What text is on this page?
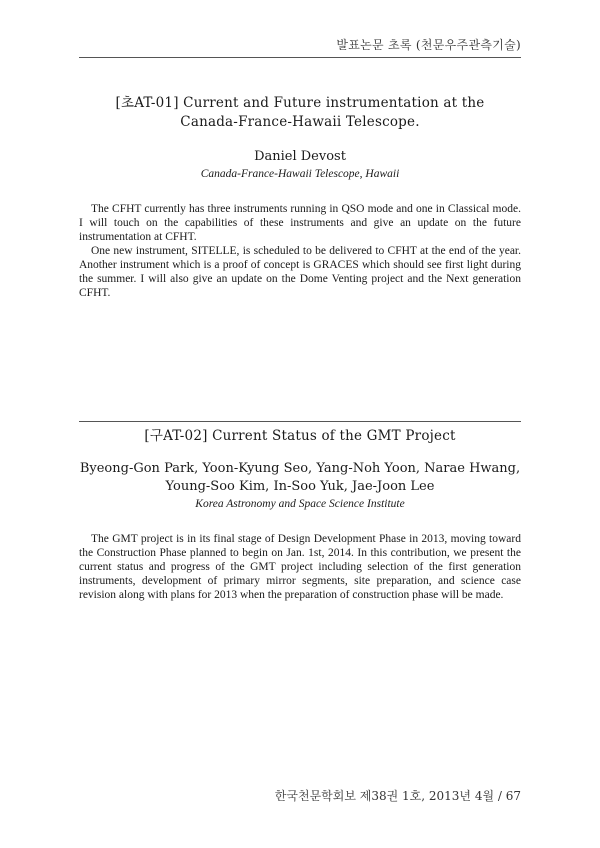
발표논문 초록 (천문우주관측기술)
[초AT-01] Current and Future instrumentation at the
Canada-France-Hawaii Telescope.
Daniel Devost
Canada-France-Hawaii Telescope, Hawaii

The CFHT currently has three instruments running in QSO mode and one in Classical mode. I will touch on the capabilities of these instruments and give an update on the future instrumentation at CFHT.

One new instrument, SITELLE, is scheduled to be delivered to CFHT at the end of the year. Another instrument which is a proof of concept is GRACES which should see first light during the summer. I will also give an update on the Dome Venting project and the Next generation CFHT.

[구AT-02] Current Status of the GMT Project
Byeong-Gon Park, Yoon-Kyung Seo, Yang-Noh Yoon, Narae Hwang,
Young-Soo Kim, In-Soo Yuk, Jae-Joon Lee
Korea Astronomy and Space Science Institute

The GMT project is in its final stage of Design Development Phase in 2013, moving toward the Construction Phase planned to begin on Jan. 1st, 2014. In this contribution, we present the current status and progress of the GMT project including selection of the first generation instruments, development of primary mirror segments, site preparation, and science case revision along with plans for 2013 when the preparation of construction phase will be made.

한국천문학회보 제38권 1호, 2013년 4월 / 67
